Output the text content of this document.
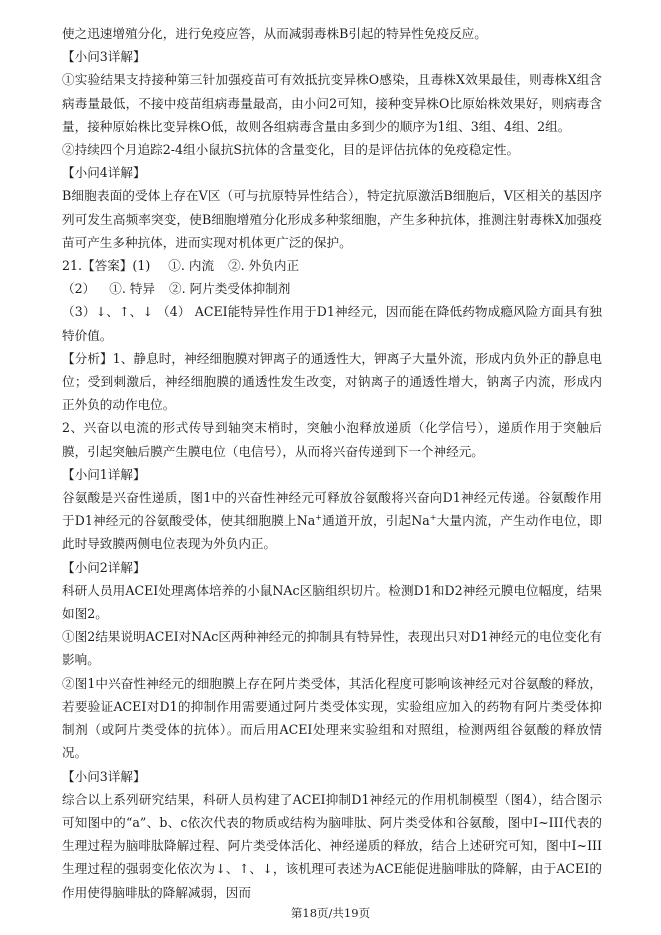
使之迅速增殖分化，进行免疫应答，从而减弱毒株B引起的特异性免疫反应。

【小问3详解】

①实验结果支持接种第三针加强疫苗可有效抵抗变异株O感染，且毒株X效果最佳，则毒株X组含病毒量最低，不接中疫苗组病毒量最高，由小问2可知，接种变异株O比原始株效果好，则病毒含量，接种原始株比变异株O低，故则各组病毒含量由多到少的顺序为1组、3组、4组、2组。

②持续四个月追踪2-4组小鼠抗S抗体的含量变化，目的是评估抗体的免疫稳定性。

【小问4详解】

B细胞表面的受体上存在V区（可与抗原特异性结合），特定抗原激活B细胞后，V区相关的基因序列可发生高频率突变，使B细胞增殖分化形成多种浆细胞，产生多种抗体，推测注射毒株X加强疫苗可产生多种抗体，进而实现对机体更广泛的保护。

21.【答案】(1) ①. 内流 ②. 外负内正

（2） ①. 特异 ②. 阿片类受体抑制剂

（3）↓、↑、↓ （4） ACEI能特异性作用于D1神经元，因而能在降低药物成瘾风险方面具有独特价值。

【分析】1、静息时，神经细胞膜对钾离子的通透性大，钾离子大量外流，形成内负外正的静息电位；受到刺激后，神经细胞膜的通透性发生改变，对钠离子的通透性增大，钠离子内流，形成内正外负的动作电位。

2、兴奋以电流的形式传导到轴突末梢时，突触小泡释放递质（化学信号），递质作用于突触后膜，引起突触后膜产生膜电位（电信号），从而将兴奋传递到下一个神经元。

【小问1详解】

谷氨酸是兴奋性递质，图1中的兴奋性神经元可释放谷氨酸将兴奋向D1神经元传递。谷氨酸作用于D1神经元的谷氨酸受体，使其细胞膜上Na+通道开放，引起Na+大量内流，产生动作电位，即此时导致膜两侧电位表现为外负内正。

【小问2详解】

科研人员用ACEI处理离体培养的小鼠NAc区脑组织切片。检测D1和D2神经元膜电位幅度，结果如图2。

①图2结果说明ACEI对NAc区两种神经元的抑制具有特异性，表现出只对D1神经元的电位变化有影响。

②图1中兴奋性神经元的细胞膜上存在阿片类受体，其活化程度可影响该神经元对谷氨酸的释放，若要验证ACEI对D1的抑制作用需要通过阿片类受体实现，实验组应加入的药物有阿片类受体抑制剂（或阿片类受体的抗体）。而后用ACEI处理来实验组和对照组，检测两组谷氨酸的释放情况。

【小问3详解】

综合以上系列研究结果，科研人员构建了ACEI抑制D1神经元的作用机制模型（图4），结合图示可知图中的“a”、b、c依次代表的物质或结构为脑啡肽、阿片类受体和谷氨酸，图中I~III代表的生理过程为脑啡肽降解过程、阿片类受体活化、神经递质的释放，结合上述研究可知，图中I~III生理过程的强弱变化依次为↓、↑、↓，该机理可表述为ACE能促进脑啡肽的降解，由于ACEI的作用使得脑啡肽的降解减弱，因而

第18页/共19页
